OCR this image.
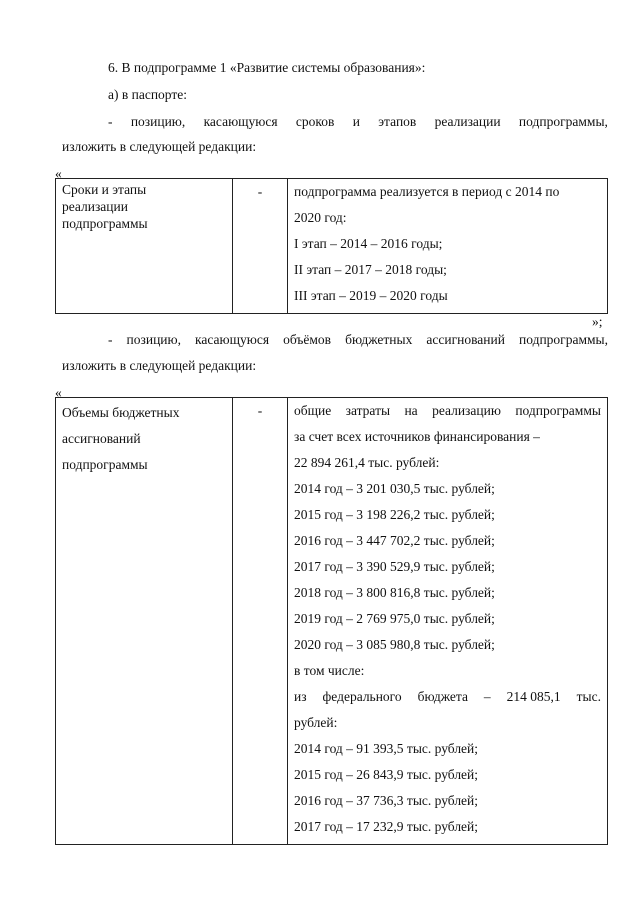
6. В подпрограмме 1 «Развитие системы образования»:
а) в паспорте:
- позицию, касающуюся сроков и этапов реализации подпрограммы,
изложить в следующей редакции:
«
Сроки и этапы реализации подпрограммы

-	подпрограмма реализуется в период с 2014 по
2020 год:
I этап – 2014 – 2016 годы;
II этап – 2017 – 2018 годы;
III этап – 2019 – 2020 годы
»;
- позицию, касающуюся объёмов бюджетных ассигнований подпрограммы,
изложить в следующей редакции:
«
Объемы бюджетных
ассигнований
подпрограммы

-	общие затраты на реализацию подпрограммы
за счет всех источников финансирования –
22 894 261,4 тыс. рублей:
2014 год – 3 201 030,5 тыс. рублей;
2015 год – 3 198 226,2 тыс. рублей;
2016 год – 3 447 702,2 тыс. рублей;
2017 год – 3 390 529,9 тыс. рублей;
2018 год – 3 800 816,8 тыс. рублей;
2019 год – 2 769 975,0 тыс. рублей;
2020 год – 3 085 980,8 тыс. рублей;
в том числе:
из федерального бюджета – 214 085,1 тыс.
рублей:
2014 год – 91 393,5 тыс. рублей;
2015 год – 26 843,9 тыс. рублей;
2016 год – 37 736,3 тыс. рублей;
2017 год – 17 232,9 тыс. рублей;
